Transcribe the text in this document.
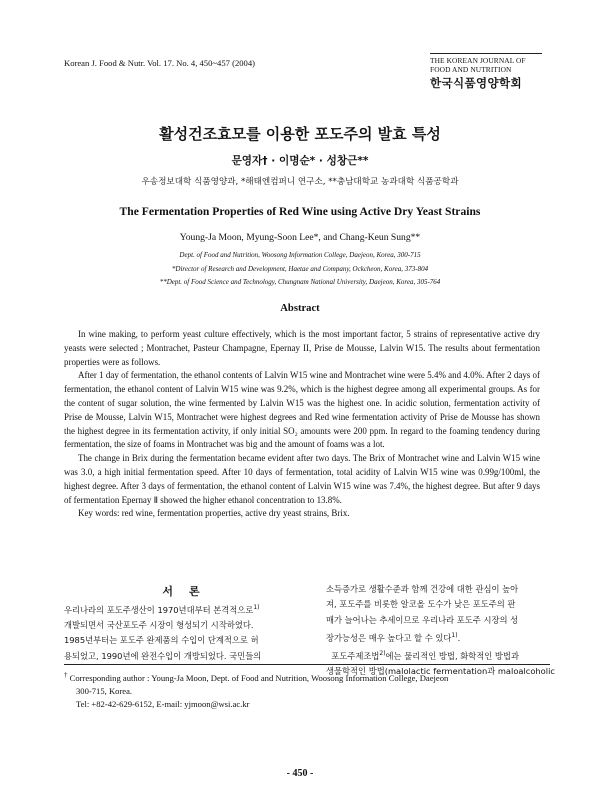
Korean J. Food & Nutr. Vol. 17. No. 4, 450~457 (2004)	THE KOREAN JOURNAL OF
FOOD AND NUTRITION
한국식품영양학회
활성건조효모를 이용한 포도주의 발효 특성
문영자† · 이명순* · 성창근**
우송정보대학 식품영양과, *해태엔컴퍼니 연구소, **충남대학교 농과대학 식품공학과
The Fermentation Properties of Red Wine using Active Dry Yeast Strains
Young-Ja Moon, Myung-Soon Lee*, and Chang-Keun Sung**
Dept. of Food and Nutrition, Woosong Information College, Daejeon, Korea, 300-715
*Director of Research and Development, Haetae and Company, Ockcheon, Korea, 373-804
**Dept. of Food Science and Technology, Chungnam National University, Daejeon, Korea, 305-764
Abstract

In wine making, to perform yeast culture effectively, which is the most important factor, 5 strains of representative active dry yeasts were selected ; Montrachet, Pasteur Champagne, Epernay II, Prise de Mousse, Lalvin W15. The results about fermentation properties were as follows.

After 1 day of fermentation, the ethanol contents of Lalvin W15 wine and Montrachet wine were 5.4% and 4.0%. After 2 days of fermentation, the ethanol content of Lalvin W15 wine was 9.2%, which is the highest degree among all experimental groups. As for the content of sugar solution, the wine fermented by Lalvin W15 was the highest one. In acidic solution, fermentation activity of Prise de Mousse, Lalvin W15, Montrachet were highest degrees and Red wine fermentation activity of Prise de Mousse has shown the highest degree in its fermentation activity, if only initial SO₂ amounts were 200 ppm. In regard to the foaming tendency during fermentation, the size of foams in Montrachet was big and the amount of foams was a lot.

The change in Brix during the fermentation became evident after two days. The Brix of Montrachet wine and Lalvin W15 wine was 3.0, a high initial fermentation speed. After 10 days of fermentation, total acidity of Lalvin W15 wine was 0.99g/100ml, the highest degree. After 3 days of fermentation, the ethanol content of Lalvin W15 wine was 7.4%, the highest degree. But after 9 days of fermentation Epernay Ⅱ showed the higher ethanol concentration to 13.8%.

Key words: red wine, fermentation properties, active dry yeast strains, Brix.

서론
우리나라의 포도주생산이 1970년대부터 본격적으로$^{1)}$
개발되면서 국산포도주 시장이 형성되기 시작하였다.
1985년부터는 포도주 완제품의 수입이 단계적으로 허
용되었고, 1990년에 완전수입이 개방되었다. 국민들의
소득증가로 생활수준과 함께 건강에 대한 관심이 높아
져, 포도주를 비롯한 알코올 도수가 낮은 포도주의 판
매가 늘어나는 추세이므로 우리나라 포도주 시장의 성
장가능성은 매우 높다고 할 수 있다$^{1)}$.
포도주제조법$^{2)}$에는 물리적인 방법, 화학적인 방법과
생물학적인 방법(malolactic fermentation과 maloalcoholic
† Corresponding author : Young-Ja Moon, Dept. of Food and Nutrition, Woosong Information College, Daejeon
300-715, Korea.
Tel: +82-42-629-6152, E-mail: yjmoon@wsi.ac.kr
- 450 -
